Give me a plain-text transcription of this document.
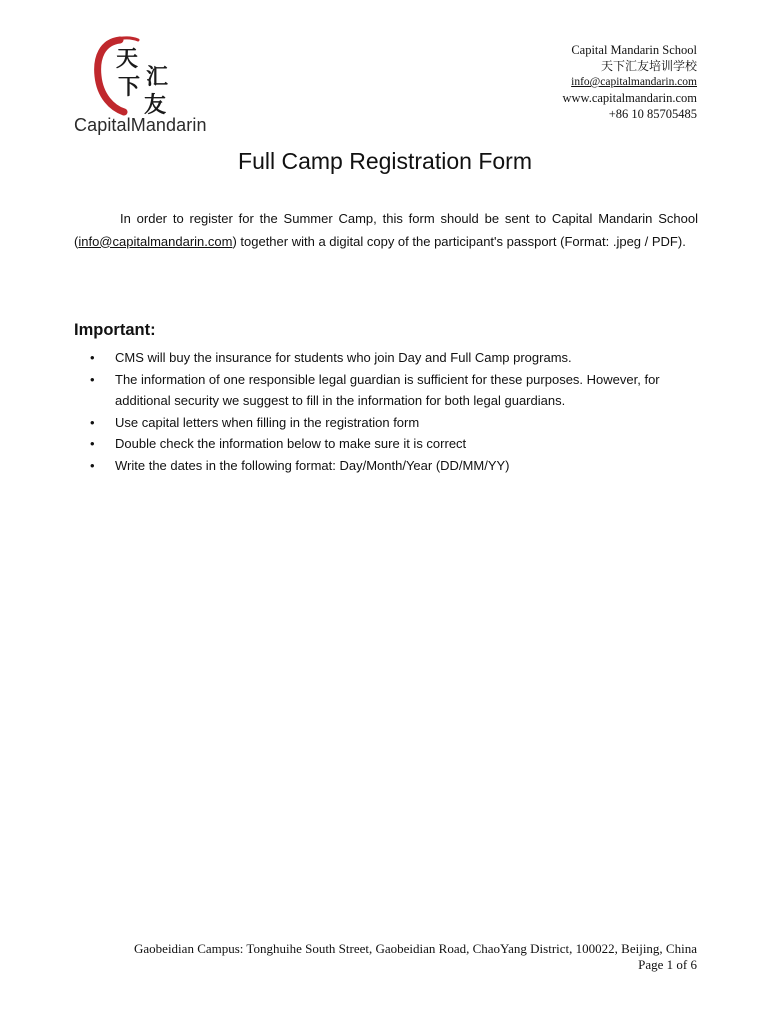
天
下 汇
友
CapitalMandarin
Capital Mandarin School
天下汇友培训学校
info@capitalmandarin.com
www.capitalmandarin.com
+86 10 85705485
Full Camp Registration Form

In order to register for the Summer Camp, this form should be sent to Capital Mandarin School (info@capitalmandarin.com) together with a digital copy of the participant's passport (Format: .jpeg / PDF).

Important:
• CMS will buy the insurance for students who join Day and Full Camp programs.
• The information of one responsible legal guardian is sufficient for these purposes. However, for additional security we suggest to fill in the information for both legal guardians.
• Use capital letters when filling in the registration form
• Double check the information below to make sure it is correct
• Write the dates in the following format: Day/Month/Year (DD/MM/YY)
Gaobeidian Campus: Tonghuihe South Street, Gaobeidian Road, ChaoYang District, 100022, Beijing, China
Page 1 of 6
